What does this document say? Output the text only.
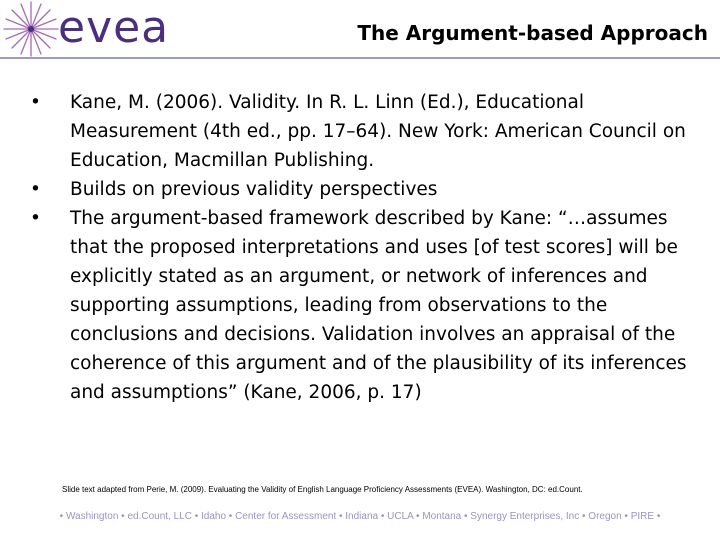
evea	The Argument-based Approach
• Kane, M. (2006). Validity. In R. L. Linn (Ed.), Educational Measurement (4th ed., pp. 17–64). New York: American Council on Education, Macmillan Publishing.
• Builds on previous validity perspectives
• The argument-based framework described by Kane: “…assumes that the proposed interpretations and uses [of test scores] will be explicitly stated as an argument, or network of inferences and supporting assumptions, leading from observations to the conclusions and decisions. Validation involves an appraisal of the coherence of this argument and of the plausibility of its inferences and assumptions” (Kane, 2006, p. 17)
Slide text adapted from Perie, M. (2009). Evaluating the Validity of English Language Proficiency Assessments (EVEA). Washington, DC: ed.Count.
• Washington • ed.Count, LLC • Idaho • Center for Assessment • Indiana • UCLA • Montana • Synergy Enterprises, Inc • Oregon • PIRE •
